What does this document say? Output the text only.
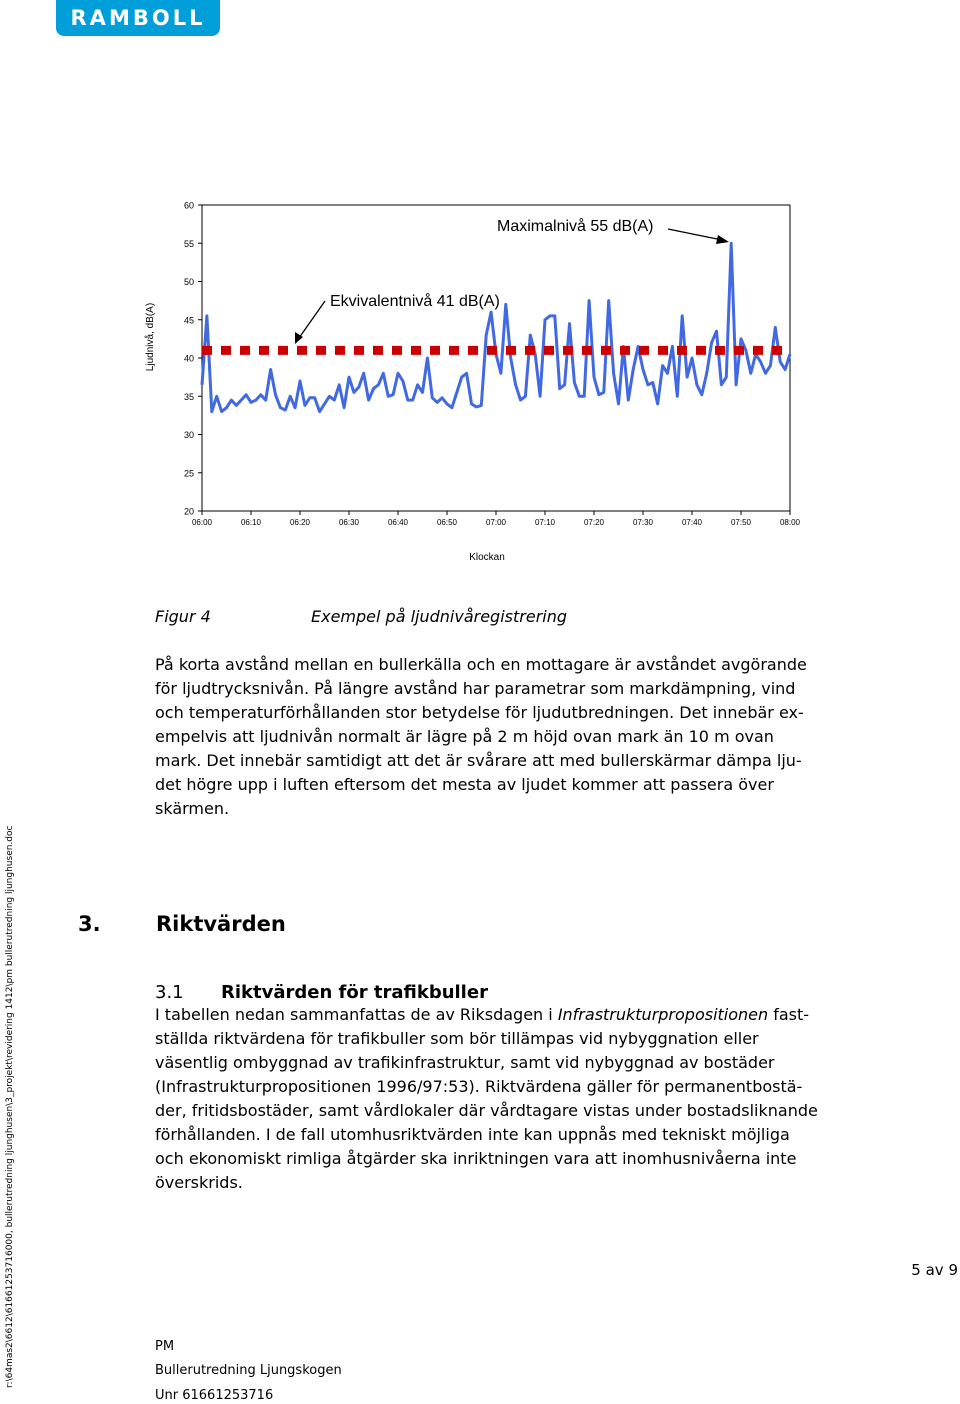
RAMBOLL
60
55
50
45
40
35
30
25
20
06:00	06:10	06:20	06:30	06:40	06:50	07:00	07:10	07:20	07:30	07:40	07:50	08:00
Ljudnivå, dB(A)
Klockan
Maximalnivå 55 dB(A)
Ekvivalentnivå 41 dB(A)
Figur 4	Exempel på ljudnivåregistrering

På korta avstånd mellan en bullerkälla och en mottagare är avståndet avgörande

för ljudtrycksnivån. På längre avstånd har parametrar som markdämpning, vind

och temperaturförhållanden stor betydelse för ljudutbredningen. Det innebär ex-

empelvis att ljudnivån normalt är lägre på 2 m höjd ovan mark än 10 m ovan

mark. Det innebär samtidigt att det är svårare att med bullerskärmar dämpa lju-

det högre upp i luften eftersom det mesta av ljudet kommer att passera över

skärmen.

3.	Riktvärden
3.1 Riktvärden för trafikbuller

I tabellen nedan sammanfattas de av Riksdagen i Infrastrukturpropositionen fast-

ställda riktvärdena för trafikbuller som bör tillämpas vid nybyggnation eller

väsentlig ombyggnad av trafikinfrastruktur, samt vid nybyggnad av bostäder

(Infrastrukturpropositionen 1996/97:53). Riktvärdena gäller för permanentbostä-

der, fritidsbostäder, samt vårdlokaler där vårdtagare vistas under bostadsliknande

förhållanden. I de fall utomhusriktvärden inte kan uppnås med tekniskt möjliga

och ekonomiskt rimliga åtgärder ska inriktningen vara att inomhusnivåerna inte

överskrids.

5 av 9
PM
Bullerutredning Ljungskogen
Unr 61661253716
r:\64mas2\6612\61661253716000, bullerutredning ljunghusen\3_projekt\revidering 1412\pm bullerutredning ljunghusen.doc
